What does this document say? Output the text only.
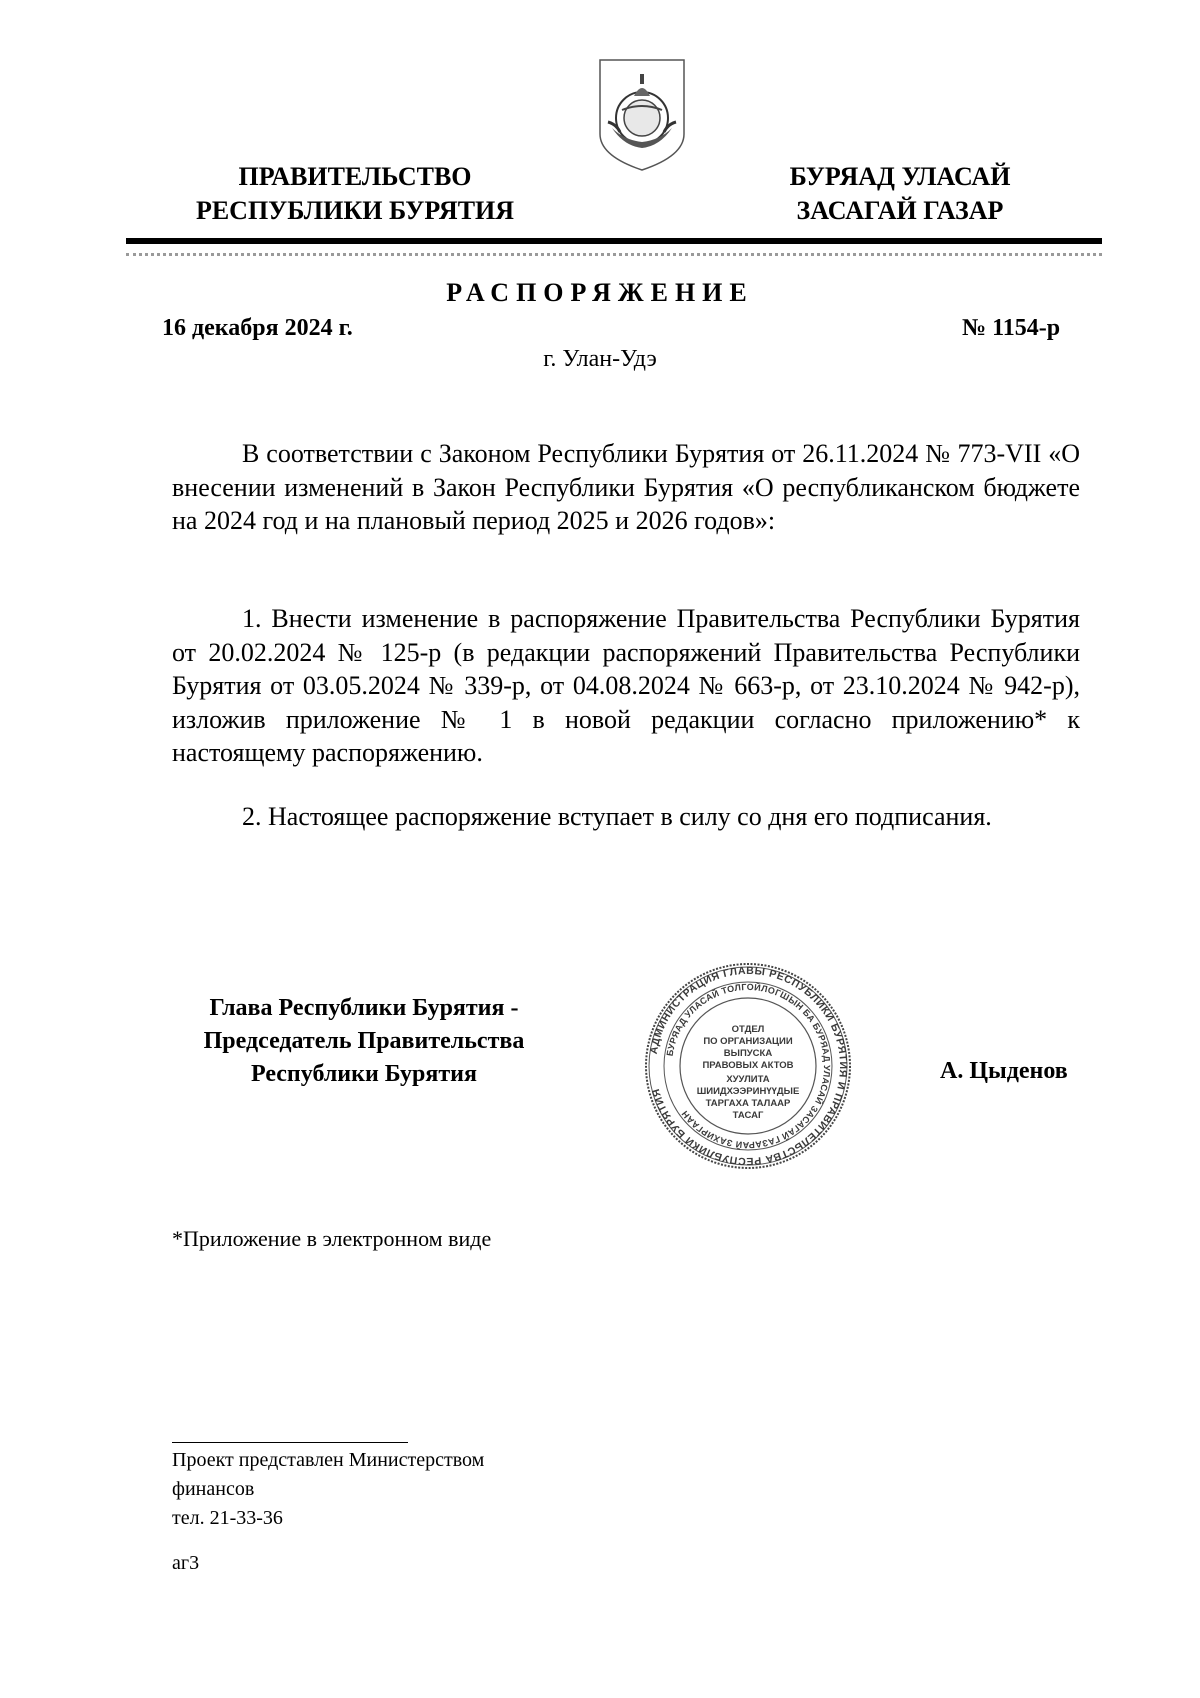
ПРАВИТЕЛЬСТВО
РЕСПУБЛИКИ БУРЯТИЯ
БУРЯАД УЛАСАЙ
ЗАСАГАЙ ГАЗАР
РАСПОРЯЖЕНИЕ
16 декабря 2024 г.	№ 1154-р
г. Улан-Удэ

В соответствии с Законом Республики Бурятия от 26.11.2024 № 773-VII «О внесении изменений в Закон Республики Бурятия «О республиканском бюджете на 2024 год и на плановый период 2025 и 2026 годов»:

1. Внести изменение в распоряжение Правительства Республики Бурятия от 20.02.2024 № 125-р (в редакции распоряжений Правительства Республики Бурятия от 03.05.2024 № 339-р, от 04.08.2024 № 663-р, от 23.10.2024 № 942-р), изложив приложение № 1 в новой редакции согласно приложению* к настоящему распоряжению.

2. Настоящее распоряжение вступает в силу со дня его подписания.

Глава Республики Бурятия -
Председатель Правительства
Республики Бурятия
АДМИНИСТРАЦИЯ ГЛАВЫ РЕСПУБЛИКИ БУРЯТИЯ И ПРАВИТЕЛЬСТВА РЕСПУБЛИКИ БУРЯТИЯ
БУРЯАД УЛАСАЙ ТОЛГОЙЛОГШЫН БА БУРЯАД УЛАСАЙ ЗАСАГАЙ ГАЗАРАЙ ЗАХИРГААН
ОТДЕЛ
ПО ОРГАНИЗАЦИИ
ВЫПУСКА
ПРАВОВЫХ АКТОВ
ХУУЛИТА
ШИИДХЭЭРИНҮҮДЫЕ
ТАРГАХА ТАЛААР
ТАСАГ
А. Цыденов
*Приложение в электронном виде
Проект представлен Министерством
финансов
тел. 21-33-36
аг3
